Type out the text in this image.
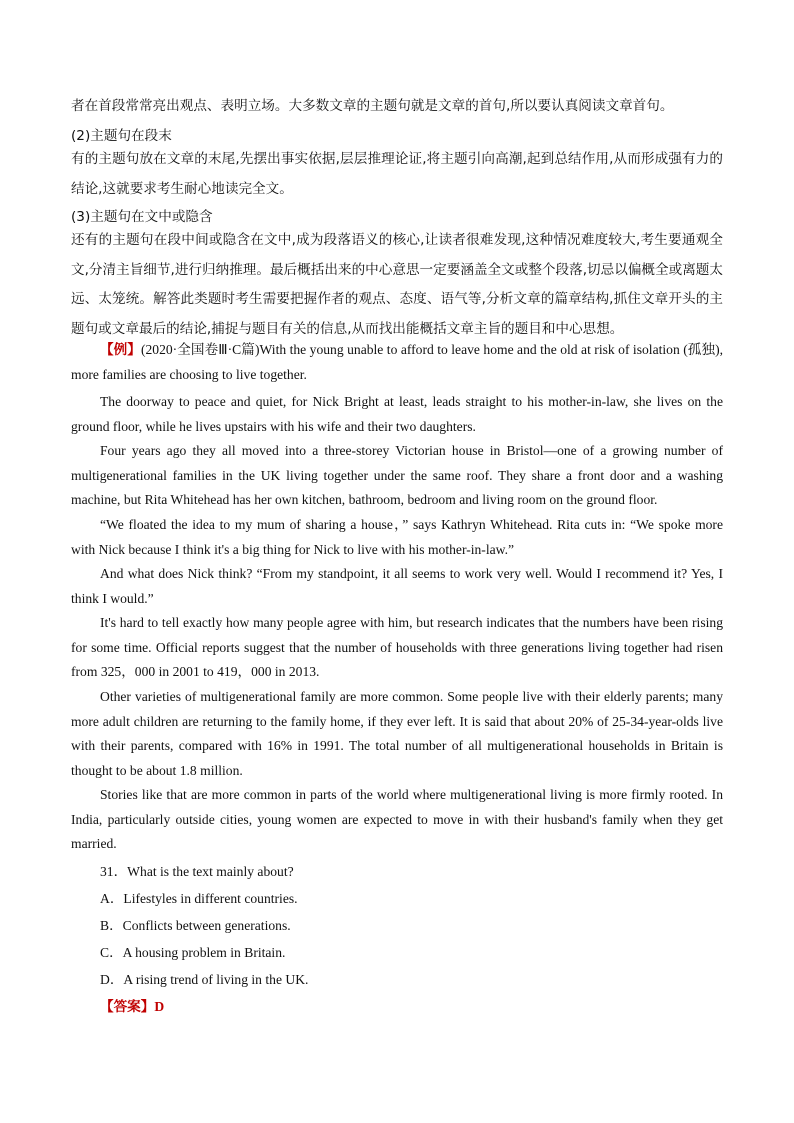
者在首段常常亮出观点、表明立场。大多数文章的主题句就是文章的首句,所以要认真阅读文章首句。
(2)主题句在段末
有的主题句放在文章的末尾,先摆出事实依据,层层推理论证,将主题引向高潮,起到总结作用,从而形成强有力的结论,这就要求考生耐心地读完全文。
(3)主题句在文中或隐含
还有的主题句在段中间或隐含在文中,成为段落语义的核心,让读者很难发现,这种情况难度较大,考生要通观全文,分清主旨细节,进行归纳推理。最后概括出来的中心意思一定要涵盖全文或整个段落,切忌以偏概全或离题太远、太笼统。解答此类题时考生需要把握作者的观点、态度、语气等,分析文章的篇章结构,抓住文章开头的主题句或文章最后的结论,捕捉与题目有关的信息,从而找出能概括文章主旨的题目和中心思想。
【例】(2020·全国卷Ⅲ·C篇)With the young unable to afford to leave home and the old at risk of isolation (孤独), more families are choosing to live together.
The doorway to peace and quiet, for Nick Bright at least, leads straight to his mother-in-law, she lives on the ground floor, while he lives upstairs with his wife and their two daughters.
Four years ago they all moved into a three-storey Victorian house in Bristol—one of a growing number of multigenerational families in the UK living together under the same roof. They share a front door and a washing machine, but Rita Whitehead has her own kitchen, bathroom, bedroom and living room on the ground floor.
“We floated the idea to my mum of sharing a house，” says Kathryn Whitehead. Rita cuts in: “We spoke more with Nick because I think it's a big thing for Nick to live with his mother-in-law.”
And what does Nick think? “From my standpoint, it all seems to work very well. Would I recommend it? Yes, I think I would.”
It's hard to tell exactly how many people agree with him, but research indicates that the numbers have been rising for some time. Official reports suggest that the number of households with three generations living together had risen from 325，000 in 2001 to 419，000 in 2013.
Other varieties of multigenerational family are more common. Some people live with their elderly parents; many more adult children are returning to the family home, if they ever left. It is said that about 20% of 25-34-year-olds live with their parents, compared with 16% in 1991. The total number of all multigenerational households in Britain is thought to be about 1.8 million.
Stories like that are more common in parts of the world where multigenerational living is more firmly rooted. In India, particularly outside cities, young women are expected to move in with their husband's family when they get married.
31．What is the text mainly about?
A．Lifestyles in different countries.
B．Conflicts between generations.
C．A housing problem in Britain.
D．A rising trend of living in the UK.
【答案】D
